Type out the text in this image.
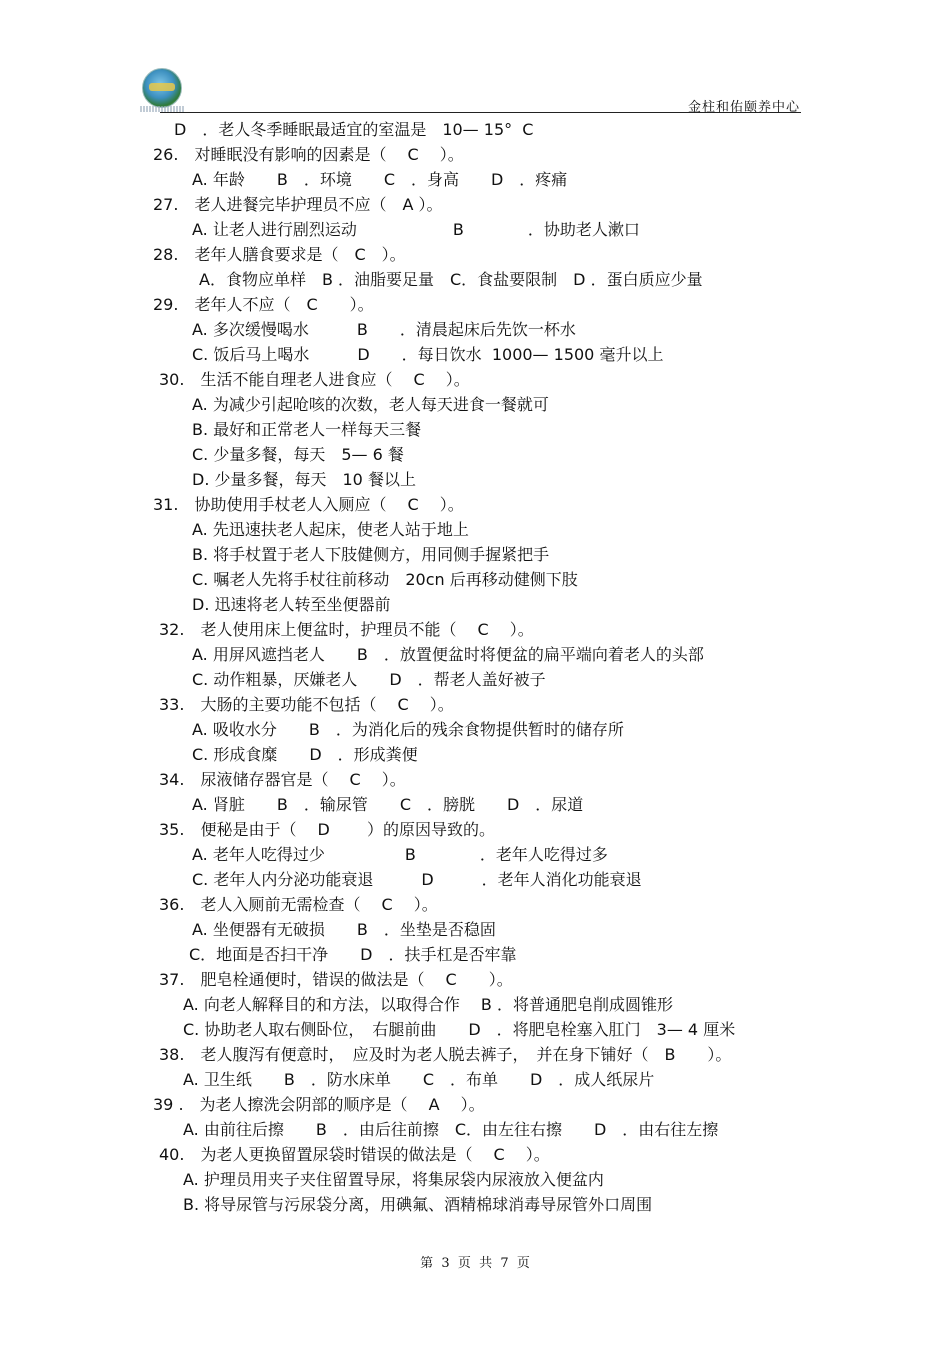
金柱和佑颐养中心
D　．老人冬季睡眠最适宜的室温是　10— 15°  C
26.　对睡眠没有影响的因素是（　 C　 ）。
A. 年龄　　B　．环境　　C　．身高　　D　．疼痛
27.　老人进餐完毕护理员不应（　A ）。
A. 让老人进行剧烈运动　　　　　　B　　　　．协助老人漱口
28.　老年人膳食要求是（　C　）。
A．食物应单样　B ．油脂要足量　C．食盐要限制　D ．蛋白质应少量
29.　老年人不应（　C　　）。
A. 多次缓慢喝水　　　B　　．清晨起床后先饮一杯水
C. 饭后马上喝水　　　D　　．每日饮水  1000— 1500 毫升以上
30.　生活不能自理老人进食应（　 C　 ）。
A. 为减少引起呛咳的次数，老人每天进食一餐就可
B. 最好和正常老人一样每天三餐
C. 少量多餐，每天　5— 6 餐
D. 少量多餐，每天　10 餐以上
31.　协助使用手杖老人入厕应（　 C　 ）。
A. 先迅速扶老人起床，使老人站于地上
B. 将手杖置于老人下肢健侧方，用同侧手握紧把手
C. 嘱老人先将手杖往前移动　20cn 后再移动健侧下肢
D. 迅速将老人转至坐便器前
32.　老人使用床上便盆时，护理员不能（　 C　 ）。
A. 用屏风遮挡老人　　B　．放置便盆时将便盆的扁平端向着老人的头部
C. 动作粗暴，厌嫌老人　　D　．帮老人盖好被子
33.　大肠的主要功能不包括（　 C　 ）。
A. 吸收水分　　B　．为消化后的残余食物提供暂时的储存所
C. 形成食糜　　D　．形成粪便
34.　尿液储存器官是（　 C　 ）。
A. 肾脏　　B　．输尿管　　C　．膀胱　　D　．尿道
35.　便秘是由于（　 D　　 ）的原因导致的。
A. 老年人吃得过少　　　　　B　　　　．老年人吃得过多
C. 老年人内分泌功能衰退　　　D　　　．老年人消化功能衰退
36.　老人入厕前无需检查（　 C　 ）。
A. 坐便器有无破损　　B　．坐垫是否稳固
C．地面是否扫干净　　D　．扶手杠是否牢靠
37.　肥皂栓通便时，错误的做法是（　 C　　）。
A. 向老人解释目的和方法，以取得合作　 B ．将普通肥皂削成圆锥形
C. 协助老人取右侧卧位，　右腿前曲　　D　．将肥皂栓塞入肛门　3— 4 厘米
38.　老人腹泻有便意时，　应及时为老人脱去裤子，　并在身下铺好（　B　　）。
A. 卫生纸　　B　．防水床单　　C　．布单　　D　．成人纸尿片
39 .　为老人擦洗会阴部的顺序是（　 A　 ）。
A. 由前往后擦　　B　．由后往前擦　C．由左往右擦　　D　．由右往左擦
40.　为老人更换留置尿袋时错误的做法是（　 C　 ）。
A. 护理员用夹子夹住留置导尿，将集尿袋内尿液放入便盆内
B. 将导尿管与污尿袋分离，用碘氟、酒精棉球消毒导尿管外口周围
第  3  页  共  7  页
